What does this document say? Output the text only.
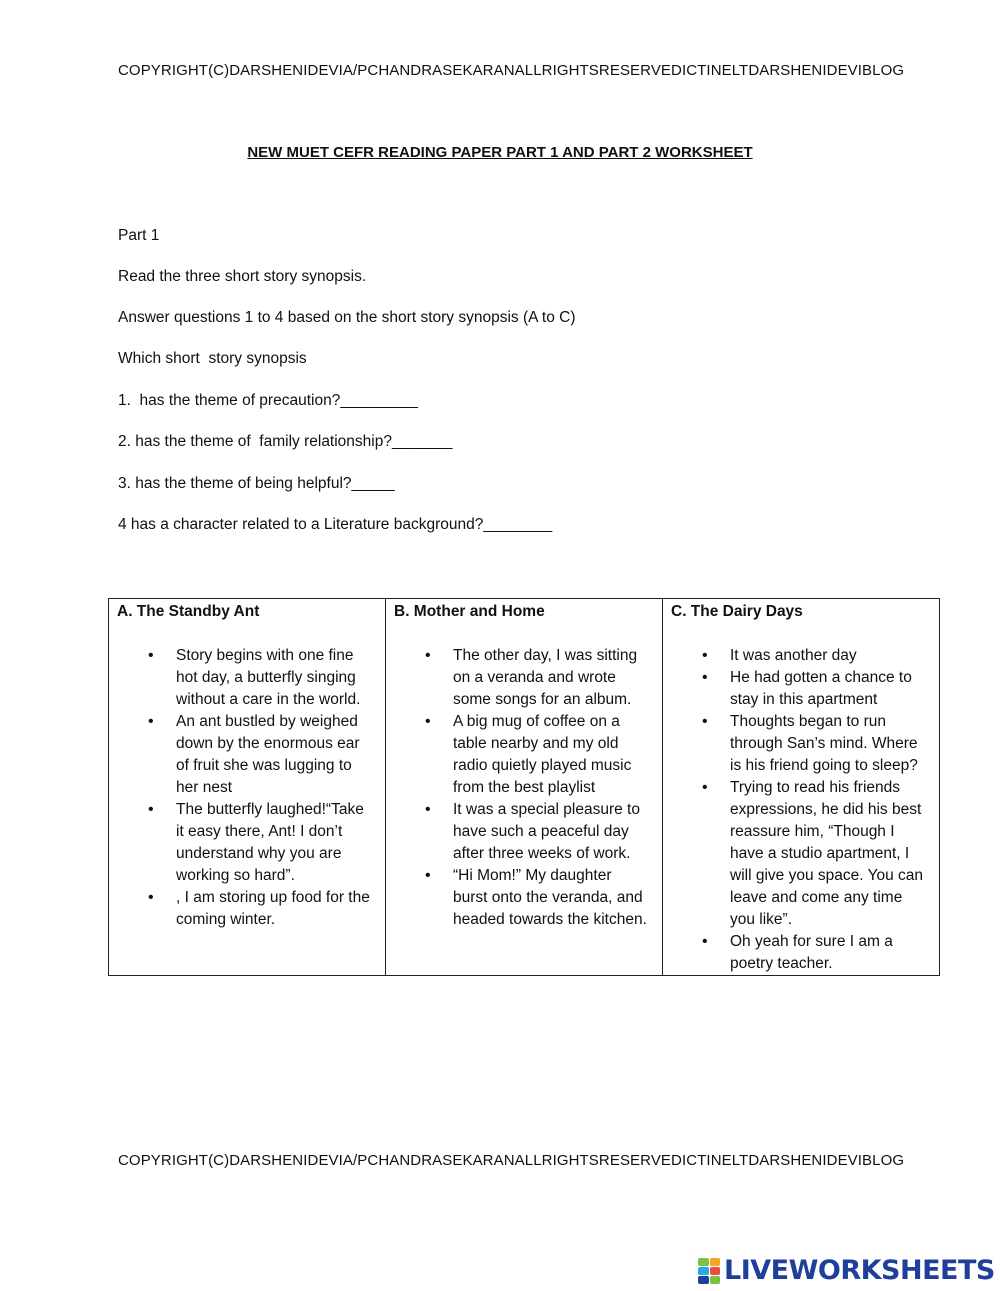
COPYRIGHT(C)DARSHENIDEVIA/PCHANDRASEKARANALLRIGHTSRESERVEDICTINELTDARSHENIDEVIBLOG
NEW MUET CEFR READING PAPER PART 1 AND PART 2 WORKSHEET
Part 1
Read the three short story synopsis.
Answer questions 1 to 4 based on the short story synopsis (A to C)
Which short  story synopsis
1.  has the theme of precaution?_________
2. has the theme of  family relationship?_______
3. has the theme of being helpful?_____
4 has a character related to a Literature background?________
A. The Standby Ant
• Story begins with one fine hot day, a butterfly singing without a care in the world.
• An ant bustled by weighed down by the enormous ear of fruit she was lugging to her nest
• The butterfly laughed!“Take it easy there, Ant! I don’t understand why you are working so hard”.
• , I am storing up food for the coming winter.

B. Mother and Home
• The other day, I was sitting on a veranda and wrote some songs for an album.
• A big mug of coffee on a table nearby and my old radio quietly played music from the best playlist
• It was a special pleasure to have such a peaceful day after three weeks of work.
• “Hi Mom!” My daughter burst onto the veranda, and headed towards the kitchen.

C. The Dairy Days
• It was another day
• He had gotten a chance to stay in this apartment
• Thoughts began to run through San’s mind. Where is his friend going to sleep?
• Trying to read his friends expressions, he did his best reassure him, “Though I have a studio apartment, I will give you space. You can leave and come any time you like”.
• Oh yeah for sure I am a poetry teacher.
COPYRIGHT(C)DARSHENIDEVIA/PCHANDRASEKARANALLRIGHTSRESERVEDICTINELTDARSHENIDEVIBLOG
LIVEWORKSHEETS
